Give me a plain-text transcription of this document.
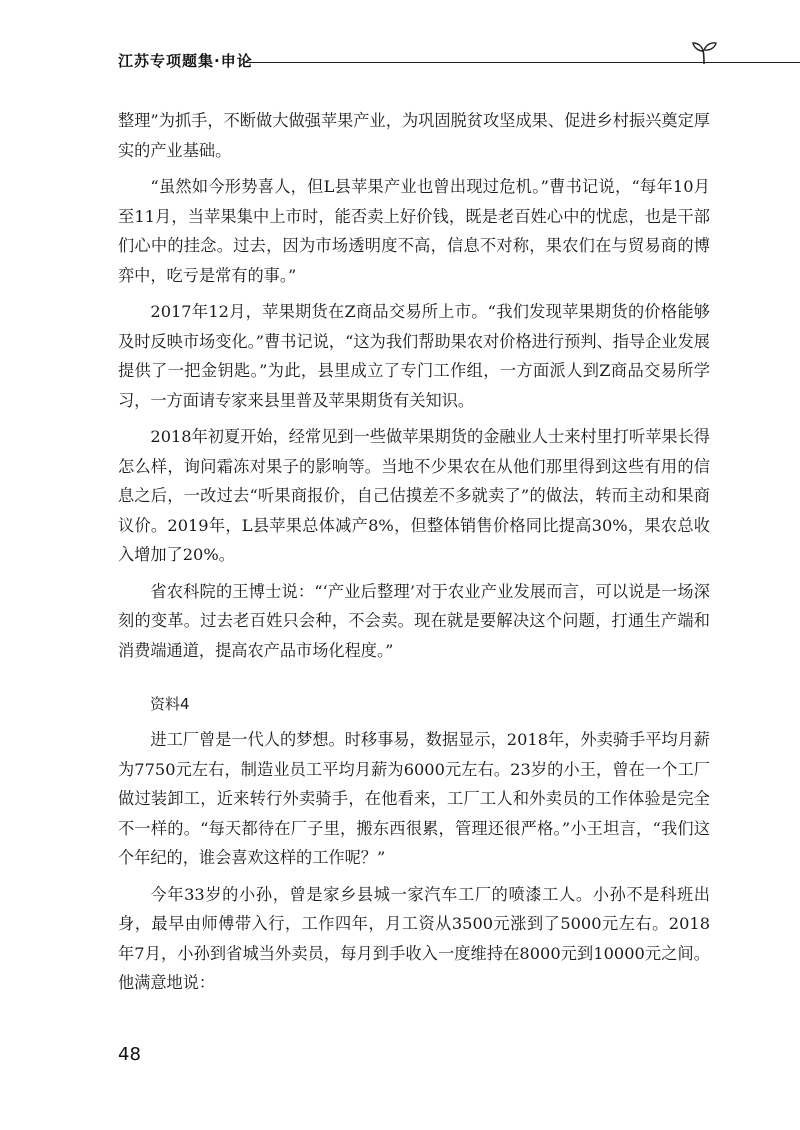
江苏专项题集·申论

整理”为抓手，不断做大做强苹果产业，为巩固脱贫攻坚成果、促进乡村振兴奠定厚实的产业基础。

“虽然如今形势喜人，但L县苹果产业也曾出现过危机。”曹书记说，“每年10月至11月，当苹果集中上市时，能否卖上好价钱，既是老百姓心中的忧虑，也是干部们心中的挂念。过去，因为市场透明度不高，信息不对称，果农们在与贸易商的博弈中，吃亏是常有的事。”

2017年12月，苹果期货在Z商品交易所上市。“我们发现苹果期货的价格能够及时反映市场变化。”曹书记说，“这为我们帮助果农对价格进行预判、指导企业发展提供了一把金钥匙。”为此，县里成立了专门工作组，一方面派人到Z商品交易所学习，一方面请专家来县里普及苹果期货有关知识。

2018年初夏开始，经常见到一些做苹果期货的金融业人士来村里打听苹果长得怎么样，询问霜冻对果子的影响等。当地不少果农在从他们那里得到这些有用的信息之后，一改过去“听果商报价，自己估摸差不多就卖了”的做法，转而主动和果商议价。2019年，L县苹果总体减产8%，但整体销售价格同比提高30%，果农总收入增加了20%。

省农科院的王博士说：“‘产业后整理’对于农业产业发展而言，可以说是一场深刻的变革。过去老百姓只会种，不会卖。现在就是要解决这个问题，打通生产端和消费端通道，提高农产品市场化程度。”

资料4

进工厂曾是一代人的梦想。时移事易，数据显示，2018年，外卖骑手平均月薪为7750元左右，制造业员工平均月薪为6000元左右。23岁的小王，曾在一个工厂做过装卸工，近来转行外卖骑手，在他看来，工厂工人和外卖员的工作体验是完全不一样的。“每天都待在厂子里，搬东西很累，管理还很严格。”小王坦言，“我们这个年纪的，谁会喜欢这样的工作呢？”

今年33岁的小孙，曾是家乡县城一家汽车工厂的喷漆工人。小孙不是科班出身，最早由师傅带入行，工作四年，月工资从3500元涨到了5000元左右。2018年7月，小孙到省城当外卖员，每月到手收入一度维持在8000元到10000元之间。他满意地说：

48
